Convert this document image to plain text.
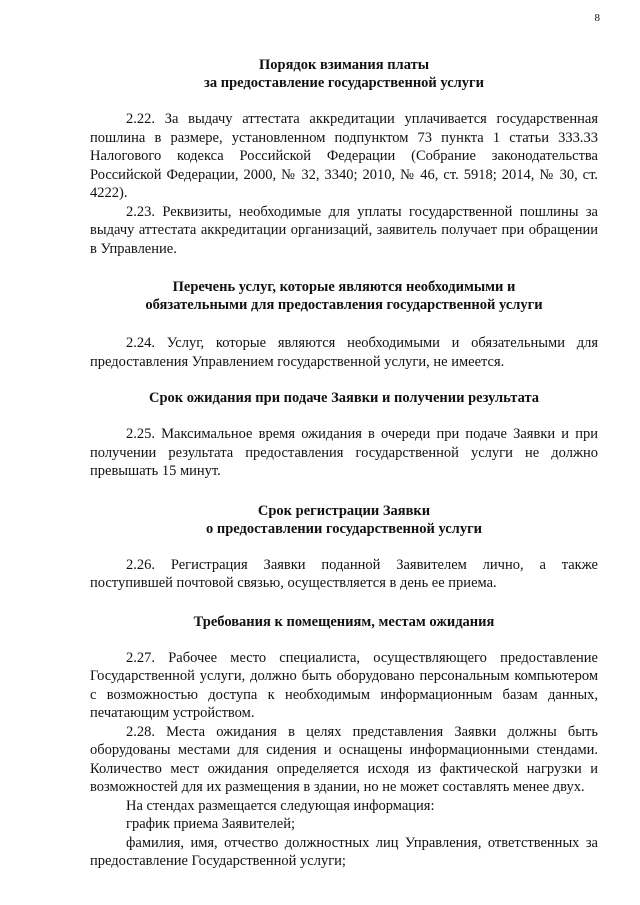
8
Порядок взимания платы
за предоставление государственной услуги

2.22. За выдачу аттестата аккредитации уплачивается государственная пошлина в размере, установленном подпунктом 73 пункта 1 статьи 333.33 Налогового кодекса Российской Федерации (Собрание законодательства Российской Федерации, 2000, № 32, 3340; 2010, № 46, ст. 5918; 2014, № 30, ст. 4222).

2.23. Реквизиты, необходимые для уплаты государственной пошлины за выдачу аттестата аккредитации организаций, заявитель получает при обращении в Управление.

Перечень услуг, которые являются необходимыми и
обязательными для предоставления государственной услуги

2.24. Услуг, которые являются необходимыми и обязательными для предоставления Управлением государственной услуги, не имеется.

Срок ожидания при подаче Заявки и получении результата

2.25. Максимальное время ожидания в очереди при подаче Заявки и при получении результата предоставления государственной услуги не должно превышать 15 минут.

Срок регистрации Заявки
о предоставлении государственной услуги

2.26. Регистрация Заявки поданной Заявителем лично, а также поступившей почтовой связью, осуществляется в день ее приема.

Требования к помещениям, местам ожидания

2.27. Рабочее место специалиста, осуществляющего предоставление Государственной услуги, должно быть оборудовано персональным компьютером с возможностью доступа к необходимым информационным базам данных, печатающим устройством.

2.28. Места ожидания в целях представления Заявки должны быть оборудованы местами для сидения и оснащены информационными стендами. Количество мест ожидания определяется исходя из фактической нагрузки и возможностей для их размещения в здании, но не может составлять менее двух.

На стендах размещается следующая информация:

график приема Заявителей;

фамилия, имя, отчество должностных лиц Управления, ответственных за предоставление Государственной услуги;
